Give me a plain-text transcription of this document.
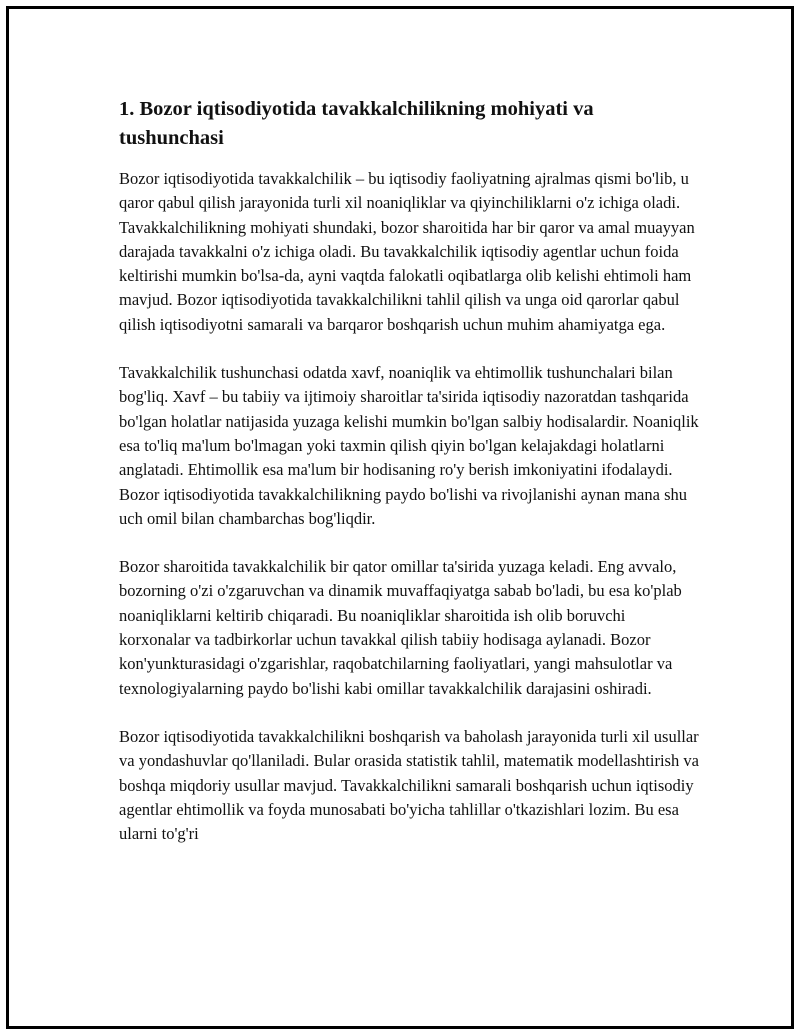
1. Bozor iqtisodiyotida tavakkalchilikning mohiyati va tushunchasi

Bozor iqtisodiyotida tavakkalchilik – bu iqtisodiy faoliyatning ajralmas qismi bo'lib, u qaror qabul qilish jarayonida turli xil noaniqliklar va qiyinchiliklarni o'z ichiga oladi. Tavakkalchilikning mohiyati shundaki, bozor sharoitida har bir qaror va amal muayyan darajada tavakkalni o'z ichiga oladi. Bu tavakkalchilik iqtisodiy agentlar uchun foida keltirishi mumkin bo'lsa-da, ayni vaqtda falokatli oqibatlarga olib kelishi ehtimoli ham mavjud. Bozor iqtisodiyotida tavakkalchilikni tahlil qilish va unga oid qarorlar qabul qilish iqtisodiyotni samarali va barqaror boshqarish uchun muhim ahamiyatga ega.

Tavakkalchilik tushunchasi odatda xavf, noaniqlik va ehtimollik tushunchalari bilan bog'liq. Xavf – bu tabiiy va ijtimoiy sharoitlar ta'sirida iqtisodiy nazoratdan tashqarida bo'lgan holatlar natijasida yuzaga kelishi mumkin bo'lgan salbiy hodisalardir. Noaniqlik esa to'liq ma'lum bo'lmagan yoki taxmin qilish qiyin bo'lgan kelajakdagi holatlarni anglatadi. Ehtimollik esa ma'lum bir hodisaning ro'y berish imkoniyatini ifodalaydi. Bozor iqtisodiyotida tavakkalchilikning paydo bo'lishi va rivojlanishi aynan mana shu uch omil bilan chambarchas bog'liqdir.

Bozor sharoitida tavakkalchilik bir qator omillar ta'sirida yuzaga keladi. Eng avvalo, bozorning o'zi o'zgaruvchan va dinamik muvaffaqiyatga sabab bo'ladi, bu esa ko'plab noaniqliklarni keltirib chiqaradi. Bu noaniqliklar sharoitida ish olib boruvchi korxonalar va tadbirkorlar uchun tavakkal qilish tabiiy hodisaga aylanadi. Bozor kon'yunkturasidagi o'zgarishlar, raqobatchilarning faoliyatlari, yangi mahsulotlar va texnologiyalarning paydo bo'lishi kabi omillar tavakkalchilik darajasini oshiradi.

Bozor iqtisodiyotida tavakkalchilikni boshqarish va baholash jarayonida turli xil usullar va yondashuvlar qo'llaniladi. Bular orasida statistik tahlil, matematik modellashtirish va boshqa miqdoriy usullar mavjud. Tavakkalchilikni samarali boshqarish uchun iqtisodiy agentlar ehtimollik va foyda munosabati bo'yicha tahlillar o'tkazishlari lozim. Bu esa ularni to'g'ri
